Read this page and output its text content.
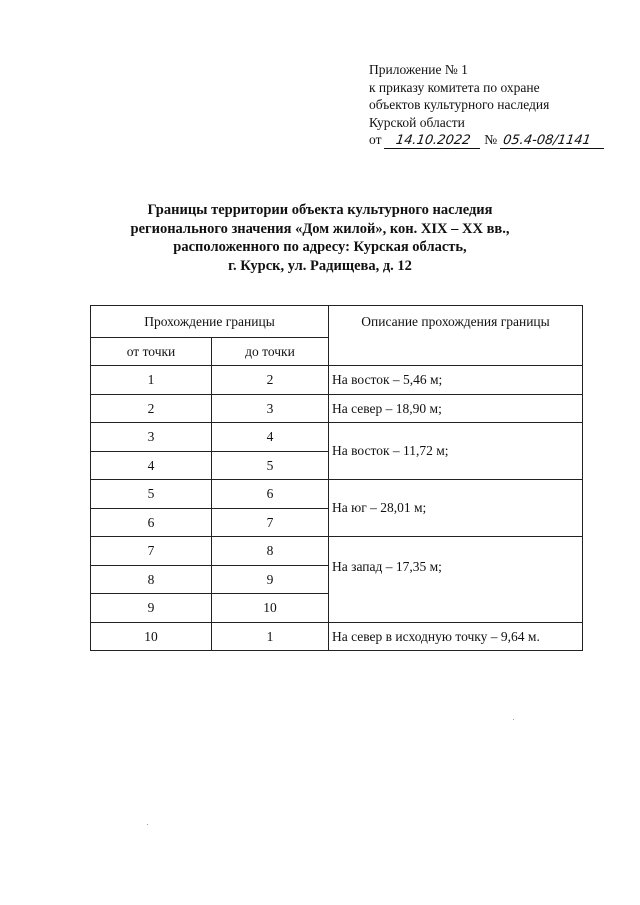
Приложение № 1
к приказу комитета по охране
объектов культурного наследия
Курской области
от 14.10.2022 № 05.4-08/1141
Границы территории объекта культурного наследия
регионального значения «Дом жилой», кон. XIX – XX вв.,
расположенного по адресу: Курская область,
г. Курск, ул. Радищева, д. 12
Прохождение границы		Описание прохождения границы
от точки	до точки	
1	2	На восток – 5,46 м;
2	3	На север – 18,90 м;
3	4	На восток – 11,72 м;
4	5	
5	6	На юг – 28,01 м;
6	7	
7	8	На запад – 17,35 м;
8	9	
9	10	
10	1	На север в исходную точку – 9,64 м.
